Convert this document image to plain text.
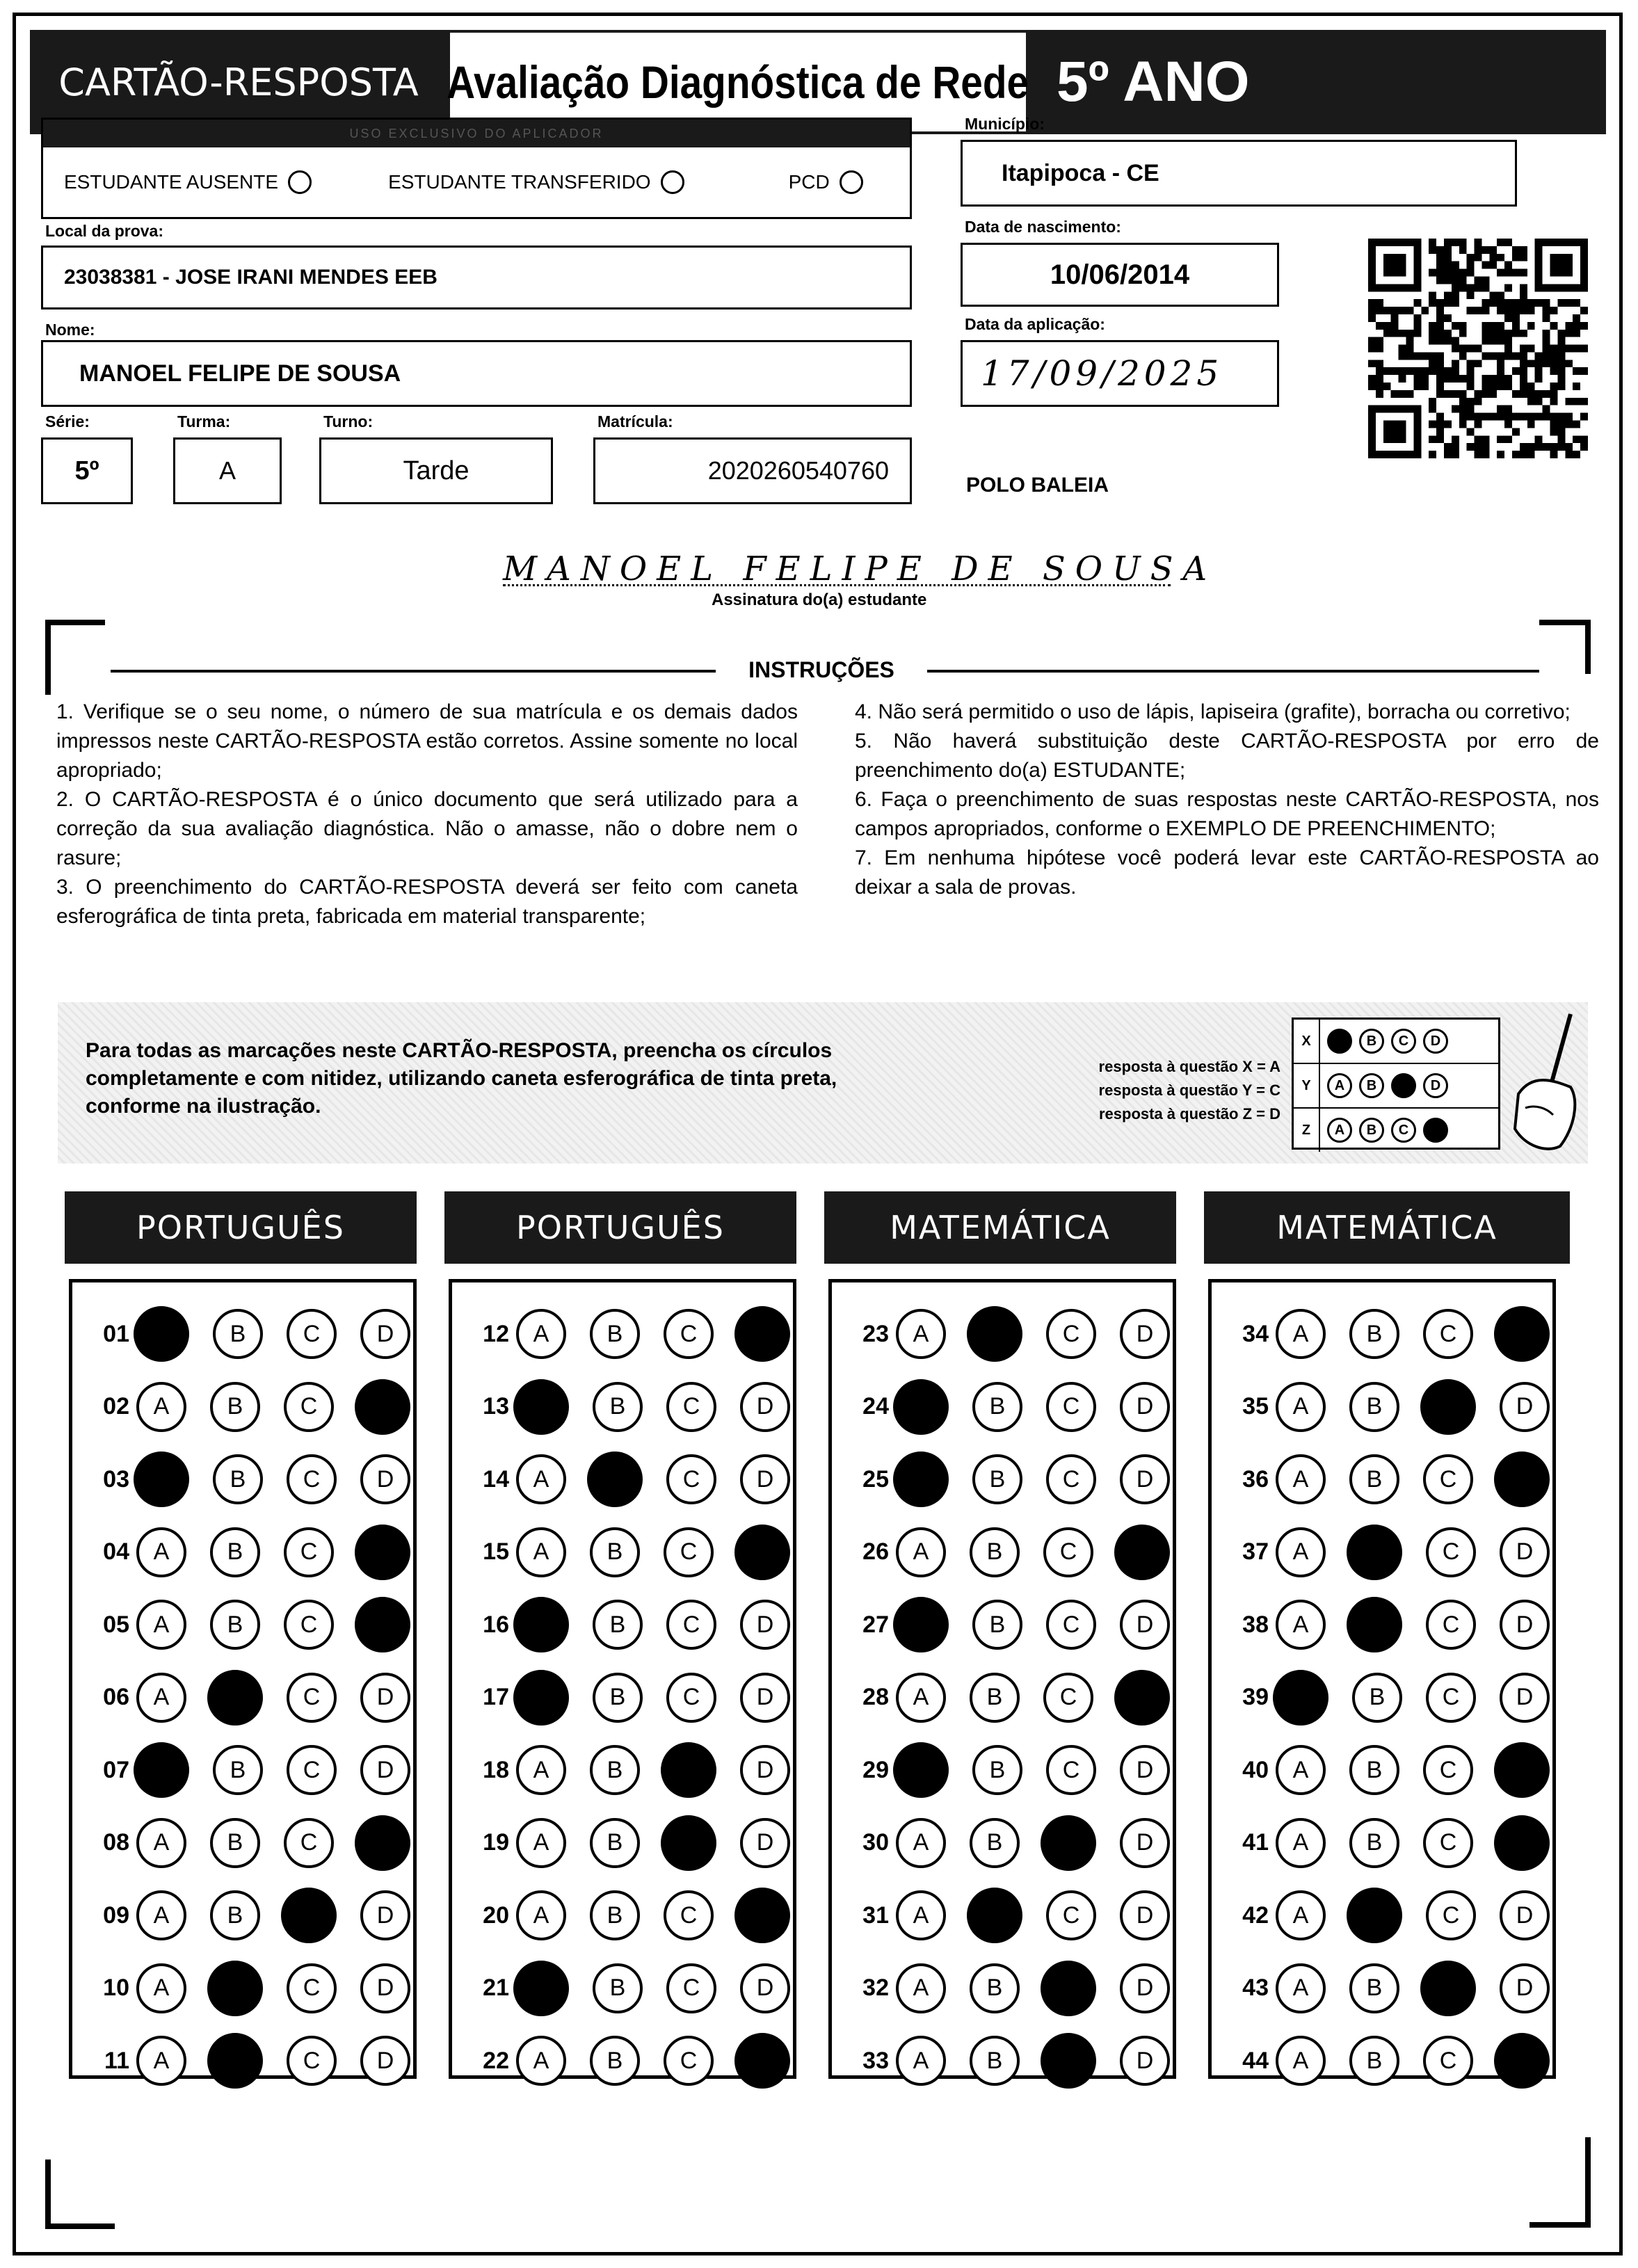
CARTÃO-RESPOSTA Avaliação Diagnóstica de Rede 5º ANO
USO EXCLUSIVO DO APLICADOR
ESTUDANTE AUSENTE	ESTUDANTE TRANSFERIDO	PCD
Local da prova:
23038381 - JOSE IRANI MENDES EEB
Nome:
MANOEL FELIPE DE SOUSA
Série:
5º
Turma:
A
Turno:
Tarde
Matrícula:
2020260540760
Município:
Itapipoca - CE
Data de nascimento:
10/06/2014
Data da aplicação:
17/09/2025
POLO BALEIA
MANOEL FELIPE DE SOUSA
Assinatura do(a) estudante
INSTRUÇÕES

1. Verifique se o seu nome, o número de sua matrícula e os demais dados impressos neste CARTÃO-RESPOSTA estão corretos. Assine somente no local apropriado;

2. O CARTÃO-RESPOSTA é o único documento que será utilizado para a correção da sua avaliação diagnóstica. Não o amasse, não o dobre nem o rasure;

3. O preenchimento do CARTÃO-RESPOSTA deverá ser feito com caneta esferográfica de tinta preta, fabricada em material transparente;

4. Não será permitido o uso de lápis, lapiseira (grafite), borracha ou corretivo;

5. Não haverá substituição deste CARTÃO-RESPOSTA por erro de preenchimento do(a) ESTUDANTE;

6. Faça o preenchimento de suas respostas neste CARTÃO-RESPOSTA, nos campos apropriados, conforme o EXEMPLO DE PREENCHIMENTO;

7. Em nenhuma hipótese você poderá levar este CARTÃO-RESPOSTA ao deixar a sala de provas.

Para todas as marcações neste CARTÃO-RESPOSTA, preencha os círculos completamente e com nitidez, utilizando caneta esferográfica de tinta preta, conforme na ilustração.
resposta à questão X = A
resposta à questão Y = C
resposta à questão Z = D
X	A	B	C	D
Y	A	B	C	D
Z	A	B	C	D
PORTUGUÊS
01	A	B	C	D
02	A	B	C	D
03	A	B	C	D
04	A	B	C	D
05	A	B	C	D
06	A	B	C	D
07	A	B	C	D
08	A	B	C	D
09	A	B	C	D
10	A	B	C	D
11	A	B	C	D
PORTUGUÊS
12	A	B	C	D
13	A	B	C	D
14	A	B	C	D
15	A	B	C	D
16	A	B	C	D
17	A	B	C	D
18	A	B	C	D
19	A	B	C	D
20	A	B	C	D
21	A	B	C	D
22	A	B	C	D
MATEMÁTICA
23	A	B	C	D
24	A	B	C	D
25	A	B	C	D
26	A	B	C	D
27	A	B	C	D
28	A	B	C	D
29	A	B	C	D
30	A	B	C	D
31	A	B	C	D
32	A	B	C	D
33	A	B	C	D
MATEMÁTICA
34	A	B	C	D
35	A	B	C	D
36	A	B	C	D
37	A	B	C	D
38	A	B	C	D
39	A	B	C	D
40	A	B	C	D
41	A	B	C	D
42	A	B	C	D
43	A	B	C	D
44	A	B	C	D
